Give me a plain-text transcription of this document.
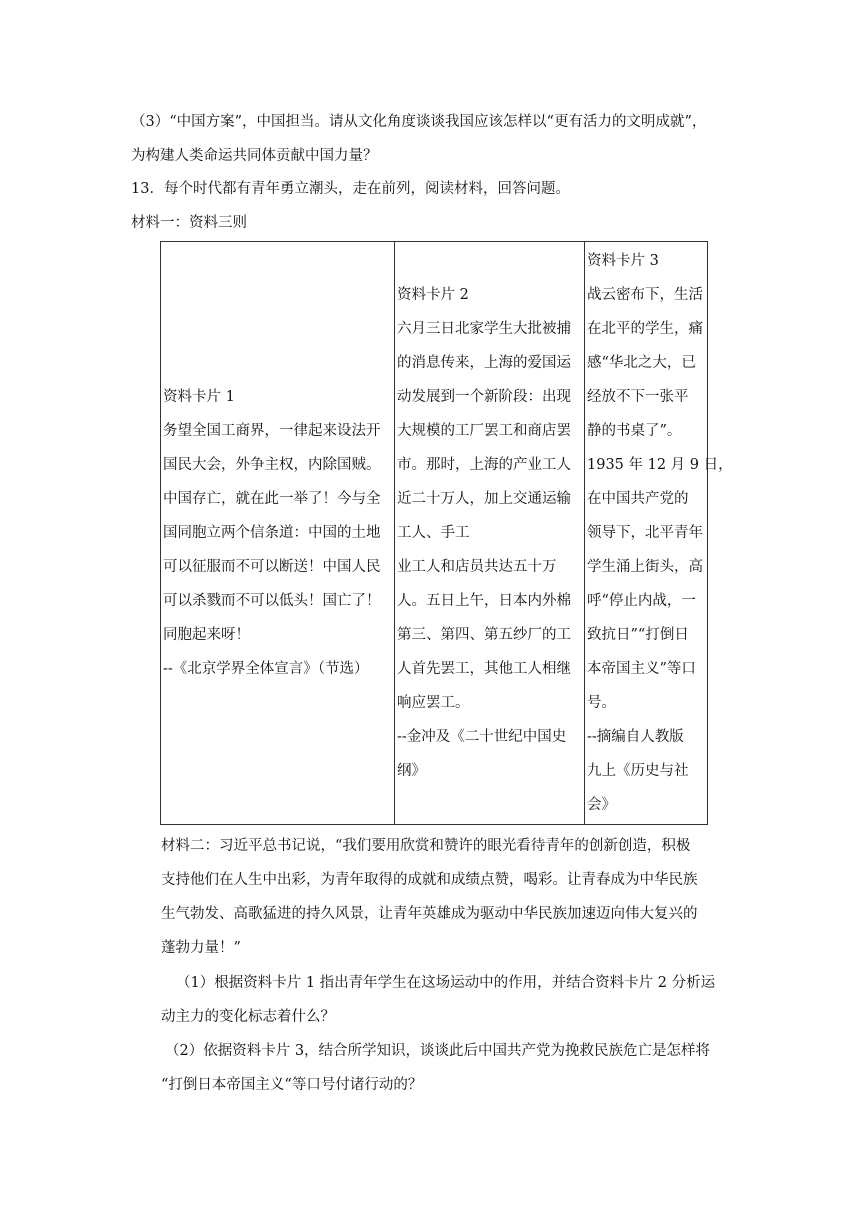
（3）“中国方案”，中国担当。请从文化角度谈谈我国应该怎样以“更有活力的文明成就”，
为构建人类命运共同体贡献中国力量？
13．每个时代都有青年勇立潮头，走在前列，阅读材料，回答问题。
材料一：资料三则
资料卡片 1
务望全国工商界，一律起来设法开
国民大会，外争主权，内除国贼。
中国存亡，就在此一举了！今与全
国同胞立两个信条道：中国的土地
可以征服而不可以断送！中国人民
可以杀戮而不可以低头！国亡了！
同胞起来呀！
--《北京学界全体宣言》（节选）
资料卡片 2
六月三日北家学生大批被捕
的消息传来，上海的爱国运
动发展到一个新阶段：出现
大规模的工厂罢工和商店罢
市。那时，上海的产业工人
近二十万人，加上交通运输
工人、手工
业工人和店员共达五十万
人。五日上午，日本内外棉
第三、第四、第五纱厂的工
人首先罢工，其他工人相继
响应罢工。
--金冲及《二十世纪中国史
纲》
资料卡片 3
战云密布下，生活
在北平的学生，痛
感“华北之大，已
经放不下一张平
静的书桌了”。
1935 年 12 月 9 日，
在中国共产党的
领导下，北平青年
学生涌上街头，高
呼“停止内战，一
致抗日”“打倒日
本帝国主义”等口
号。
--摘编自人教版
九上《历史与社
会》
材料二：习近平总书记说，“我们要用欣赏和赞许的眼光看待青年的创新创造，积极
支持他们在人生中出彩，为青年取得的成就和成绩点赞，喝彩。让青春成为中华民族
生气勃发、高歌猛进的持久风景，让青年英雄成为驱动中华民族加速迈向伟大复兴的
蓬勃力量！”
（1）根据资料卡片 1 指出青年学生在这场运动中的作用，并结合资料卡片 2 分析运
动主力的变化标志着什么？
（2）依据资料卡片 3，结合所学知识，谈谈此后中国共产党为挽救民族危亡是怎样将
“打倒日本帝国主义“等口号付诸行动的？
